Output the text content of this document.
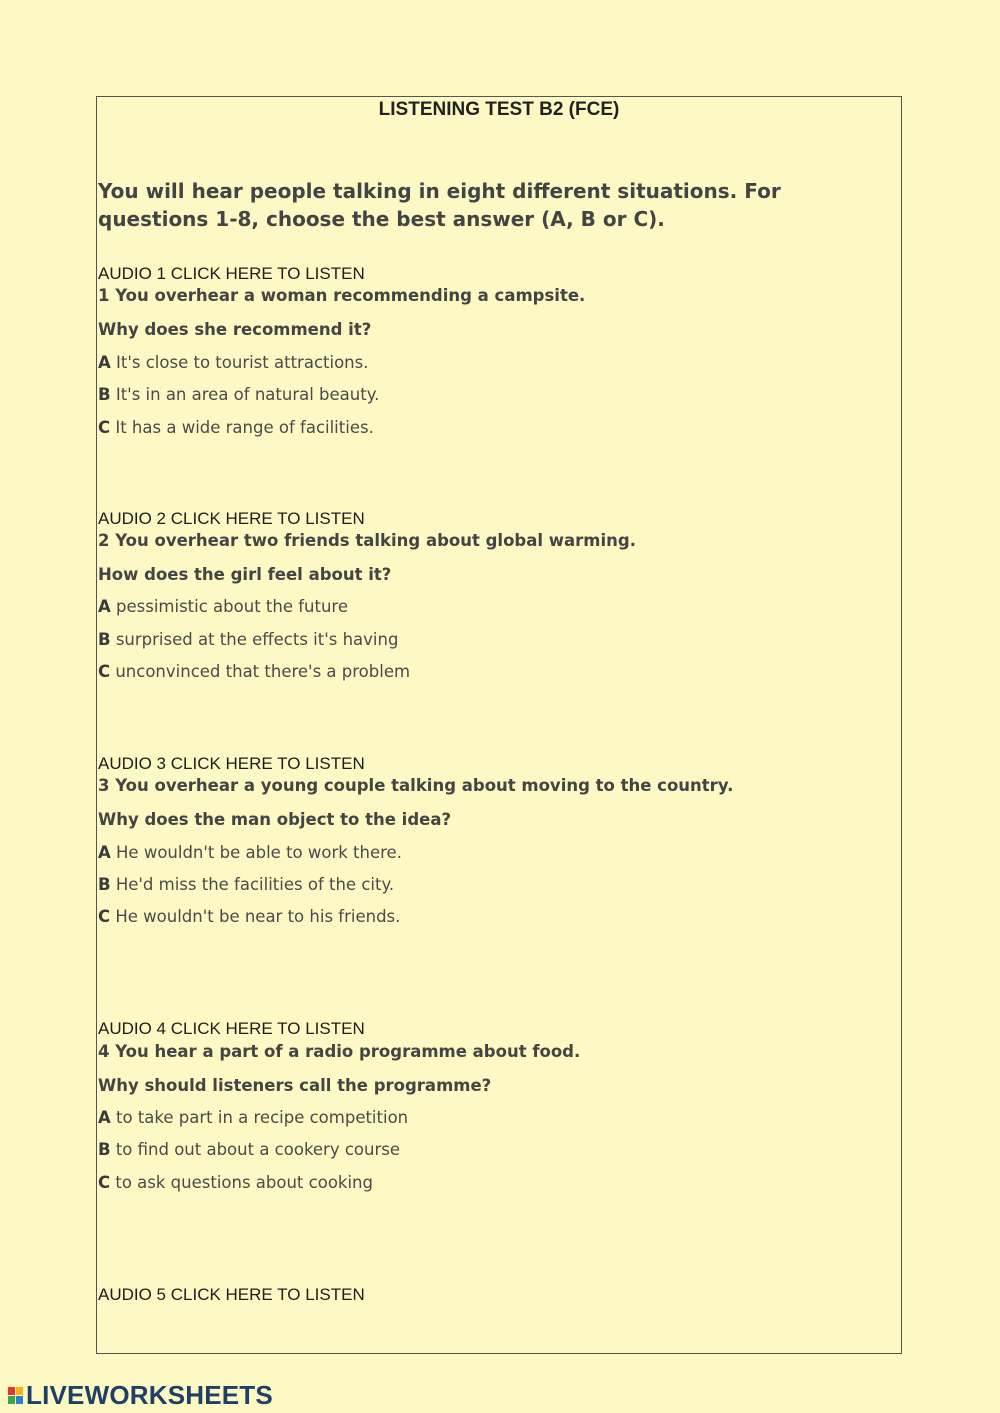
LISTENING TEST B2 (FCE)
You will hear people talking in eight different situations. For questions 1-8, choose the best answer (A, B or C).
AUDIO 1 CLICK HERE TO LISTEN
1 You overhear a woman recommending a campsite.
Why does she recommend it?
A It's close to tourist attractions.
B It's in an area of natural beauty.
C It has a wide range of facilities.
AUDIO 2 CLICK HERE TO LISTEN
2 You overhear two friends talking about global warming.
How does the girl feel about it?
A pessimistic about the future
B surprised at the effects it's having
C unconvinced that there's a problem
AUDIO 3 CLICK HERE TO LISTEN
3 You overhear a young couple talking about moving to the country.
Why does the man object to the idea?
A He wouldn't be able to work there.
B He'd miss the facilities of the city.
C He wouldn't be near to his friends.
AUDIO 4 CLICK HERE TO LISTEN
4 You hear a part of a radio programme about food.
Why should listeners call the programme?
A to take part in a recipe competition
B to find out about a cookery course
C to ask questions about cooking
AUDIO 5 CLICK HERE TO LISTEN
LIVEWORKSHEETS
